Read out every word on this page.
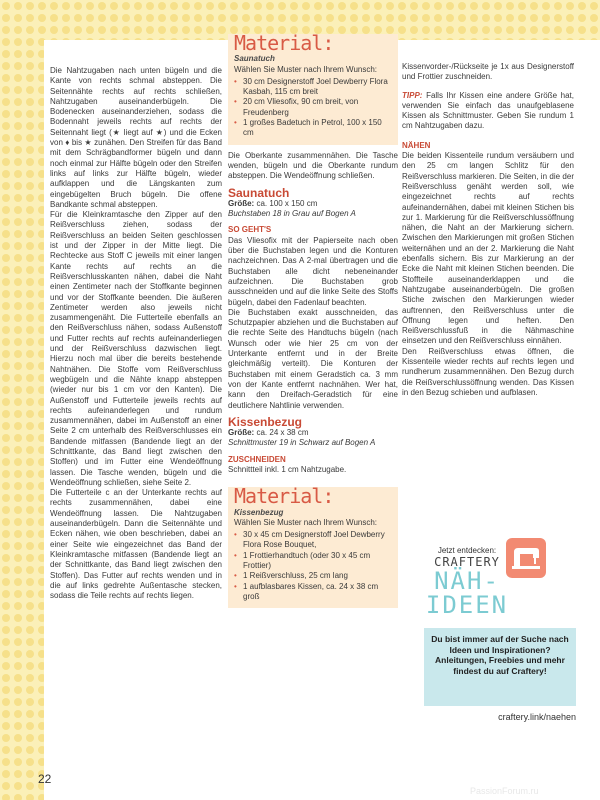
Die Nahtzugaben nach unten bügeln und die Kante von rechts schmal absteppen. Die Seitennähte rechts auf rechts schließen, Nahtzugaben auseinanderbügeln. Die Bodenecken auseinanderziehen, sodass die Bodennaht jeweils rechts auf rechts der Seitennaht liegt (★ liegt auf ★) und die Ecken von ♦ bis ★ zunähen. Den Streifen für das Band mit dem Schrägbandformer bügeln und dann noch einmal zur Hälfte bügeln oder den Streifen links auf links zur Hälfte bügeln, wieder aufklappen und die Längskanten zum eingebügelten Bruch bügeln. Die offene Bandkante schmal absteppen.

Für die Kleinkramtasche den Zipper auf den Reißverschluss ziehen, sodass der Reißverschluss an beiden Seiten geschlossen ist und der Zipper in der Mitte liegt. Die Rechtecke aus Stoff C jeweils mit einer langen Kante rechts auf rechts an die Reißverschlusskanten nähen, dabei die Naht einen Zentimeter nach der Stoffkante beginnen und vor der Stoffkante beenden. Die äußeren Zentimeter werden also jeweils nicht zusammengenäht. Die Futterteile ebenfalls an den Reißverschluss nähen, sodass Außenstoff und Futter rechts auf rechts aufeinanderliegen und der Reißverschluss dazwischen liegt. Hierzu noch mal über die bereits bestehende Nahtnähen. Die Stoffe vom Reißverschluss wegbügeln und die Nähte knapp absteppen (wieder nur bis 1 cm vor den Kanten). Die Außenstoff und Futterteile jeweils rechts auf rechts aufeinanderlegen und rundum zusammennähen, dabei im Außenstoff an einer Seite 2 cm unterhalb des Reißverschlusses ein Bandende mitfassen (Bandende liegt an der Schnittkante, das Band liegt zwischen den Stoffen) und im Futter eine Wendeöffnung lassen. Die Tasche wenden, bügeln und die Wendeöffnung schließen, siehe Seite 2.

Die Futterteile c an der Unterkante rechts auf rechts zusammennähen, dabei eine Wendeöffnung lassen. Die Nahtzugaben auseinanderbügeln. Dann die Seitennähte und Ecken nähen, wie oben beschrieben, dabei an einer Seite wie eingezeichnet das Band der Kleinkramtasche mitfassen (Bandende liegt an der Schnittkante, das Band liegt zwischen den Stoffen). Das Futter auf rechts wenden und in die auf links gedrehte Außentasche stecken, sodass die Teile rechts auf rechts liegen.

Material:
Saunatuch
Wählen Sie Muster nach Ihrem Wunsch:
• 30 cm Designerstoff Joel Dewberry Flora Kasbah, 115 cm breit
• 20 cm Vliesofix, 90 cm breit, von Freudenberg
• 1 großes Badetuch in Petrol, 100 x 150 cm

Die Oberkante zusammennähen. Die Tasche wenden, bügeln und die Oberkante rundum absteppen. Die Wendeöffnung schließen.

Saunatuch
Größe: ca. 100 x 150 cm
Buchstaben 18 in Grau auf Bogen A
SO GEHT'S

Das Vliesofix mit der Papierseite nach oben über die Buchstaben legen und die Konturen nachzeichnen. Das A 2-mal übertragen und die Buchstaben alle dicht nebeneinander aufzeichnen. Die Buchstaben grob ausschneiden und auf die linke Seite des Stoffs bügeln, dabei den Fadenlauf beachten.

Die Buchstaben exakt ausschneiden, das Schutzpapier abziehen und die Buchstaben auf die rechte Seite des Handtuchs bügeln (nach Wunsch oder wie hier 25 cm von der Unterkante entfernt und in der Breite gleichmäßig verteilt). Die Konturen der Buchstaben mit einem Geradstich ca. 3 mm von der Kante entfernt nachnähen. Wer hat, kann den Dreifach-Geradstich für eine deutlichere Nahtlinie verwenden.

Kissenbezug
Größe: ca. 24 x 38 cm
Schnittmuster 19 in Schwarz auf Bogen A
ZUSCHNEIDEN

Schnittteil inkl. 1 cm Nahtzugabe.

Material:
Kissenbezug
Wählen Sie Muster nach Ihrem Wunsch:
• 30 x 45 cm Designerstoff Joel Dewberry Flora Rose Bouquet,
• 1 Frottierhandtuch (oder 30 x 45 cm Frottier)
• 1 Reißverschluss, 25 cm lang
• 1 aufblasbares Kissen, ca. 24 x 38 cm groß

Kissenvorder-/Rückseite je 1x aus Designerstoff und Frottier zuschneiden.

TIPP: Falls Ihr Kissen eine andere Größe hat, verwenden Sie einfach das unaufgeblasene Kissen als Schnittmuster. Geben Sie rundum 1 cm Nahtzugaben dazu.

NÄHEN

Die beiden Kissenteile rundum versäubern und den 25 cm langen Schlitz für den Reißverschluss markieren. Die Seiten, in die der Reißverschluss genäht werden soll, wie eingezeichnet rechts auf rechts aufeinandernähen, dabei mit kleinen Stichen bis zur 1. Markierung für die Reißverschlussöffnung nähen, die Naht an der Markierung sichern. Zwischen den Markierungen mit großen Stichen weiternähen und an der 2. Markierung die Naht ebenfalls sichern. Bis zur Markierung an der Ecke die Naht mit kleinen Stichen beenden. Die Stoffteile auseinanderklappen und die Nahtzugabe auseinanderbügeln. Die großen Stiche zwischen den Markierungen wieder auftrennen, den Reißverschluss unter die Öffnung legen und heften. Den Reißverschlussfuß in die Nähmaschine einsetzen und den Reißverschluss einnähen.

Den Reißverschluss etwas öffnen, die Kissenteile wieder rechts auf rechts legen und rundherum zusammennähen. Den Bezug durch die Reißverschlussöffnung wenden. Das Kissen in den Bezug schieben und aufblasen.

Jetzt entdecken:
CRAFTERY
NÄH-
IDEEN
Du bist immer auf der Suche nach Ideen und Inspirationen? Anleitungen, Freebies und mehr findest du auf Craftery!
craftery.link/naehen
22
PassionForum.ru
